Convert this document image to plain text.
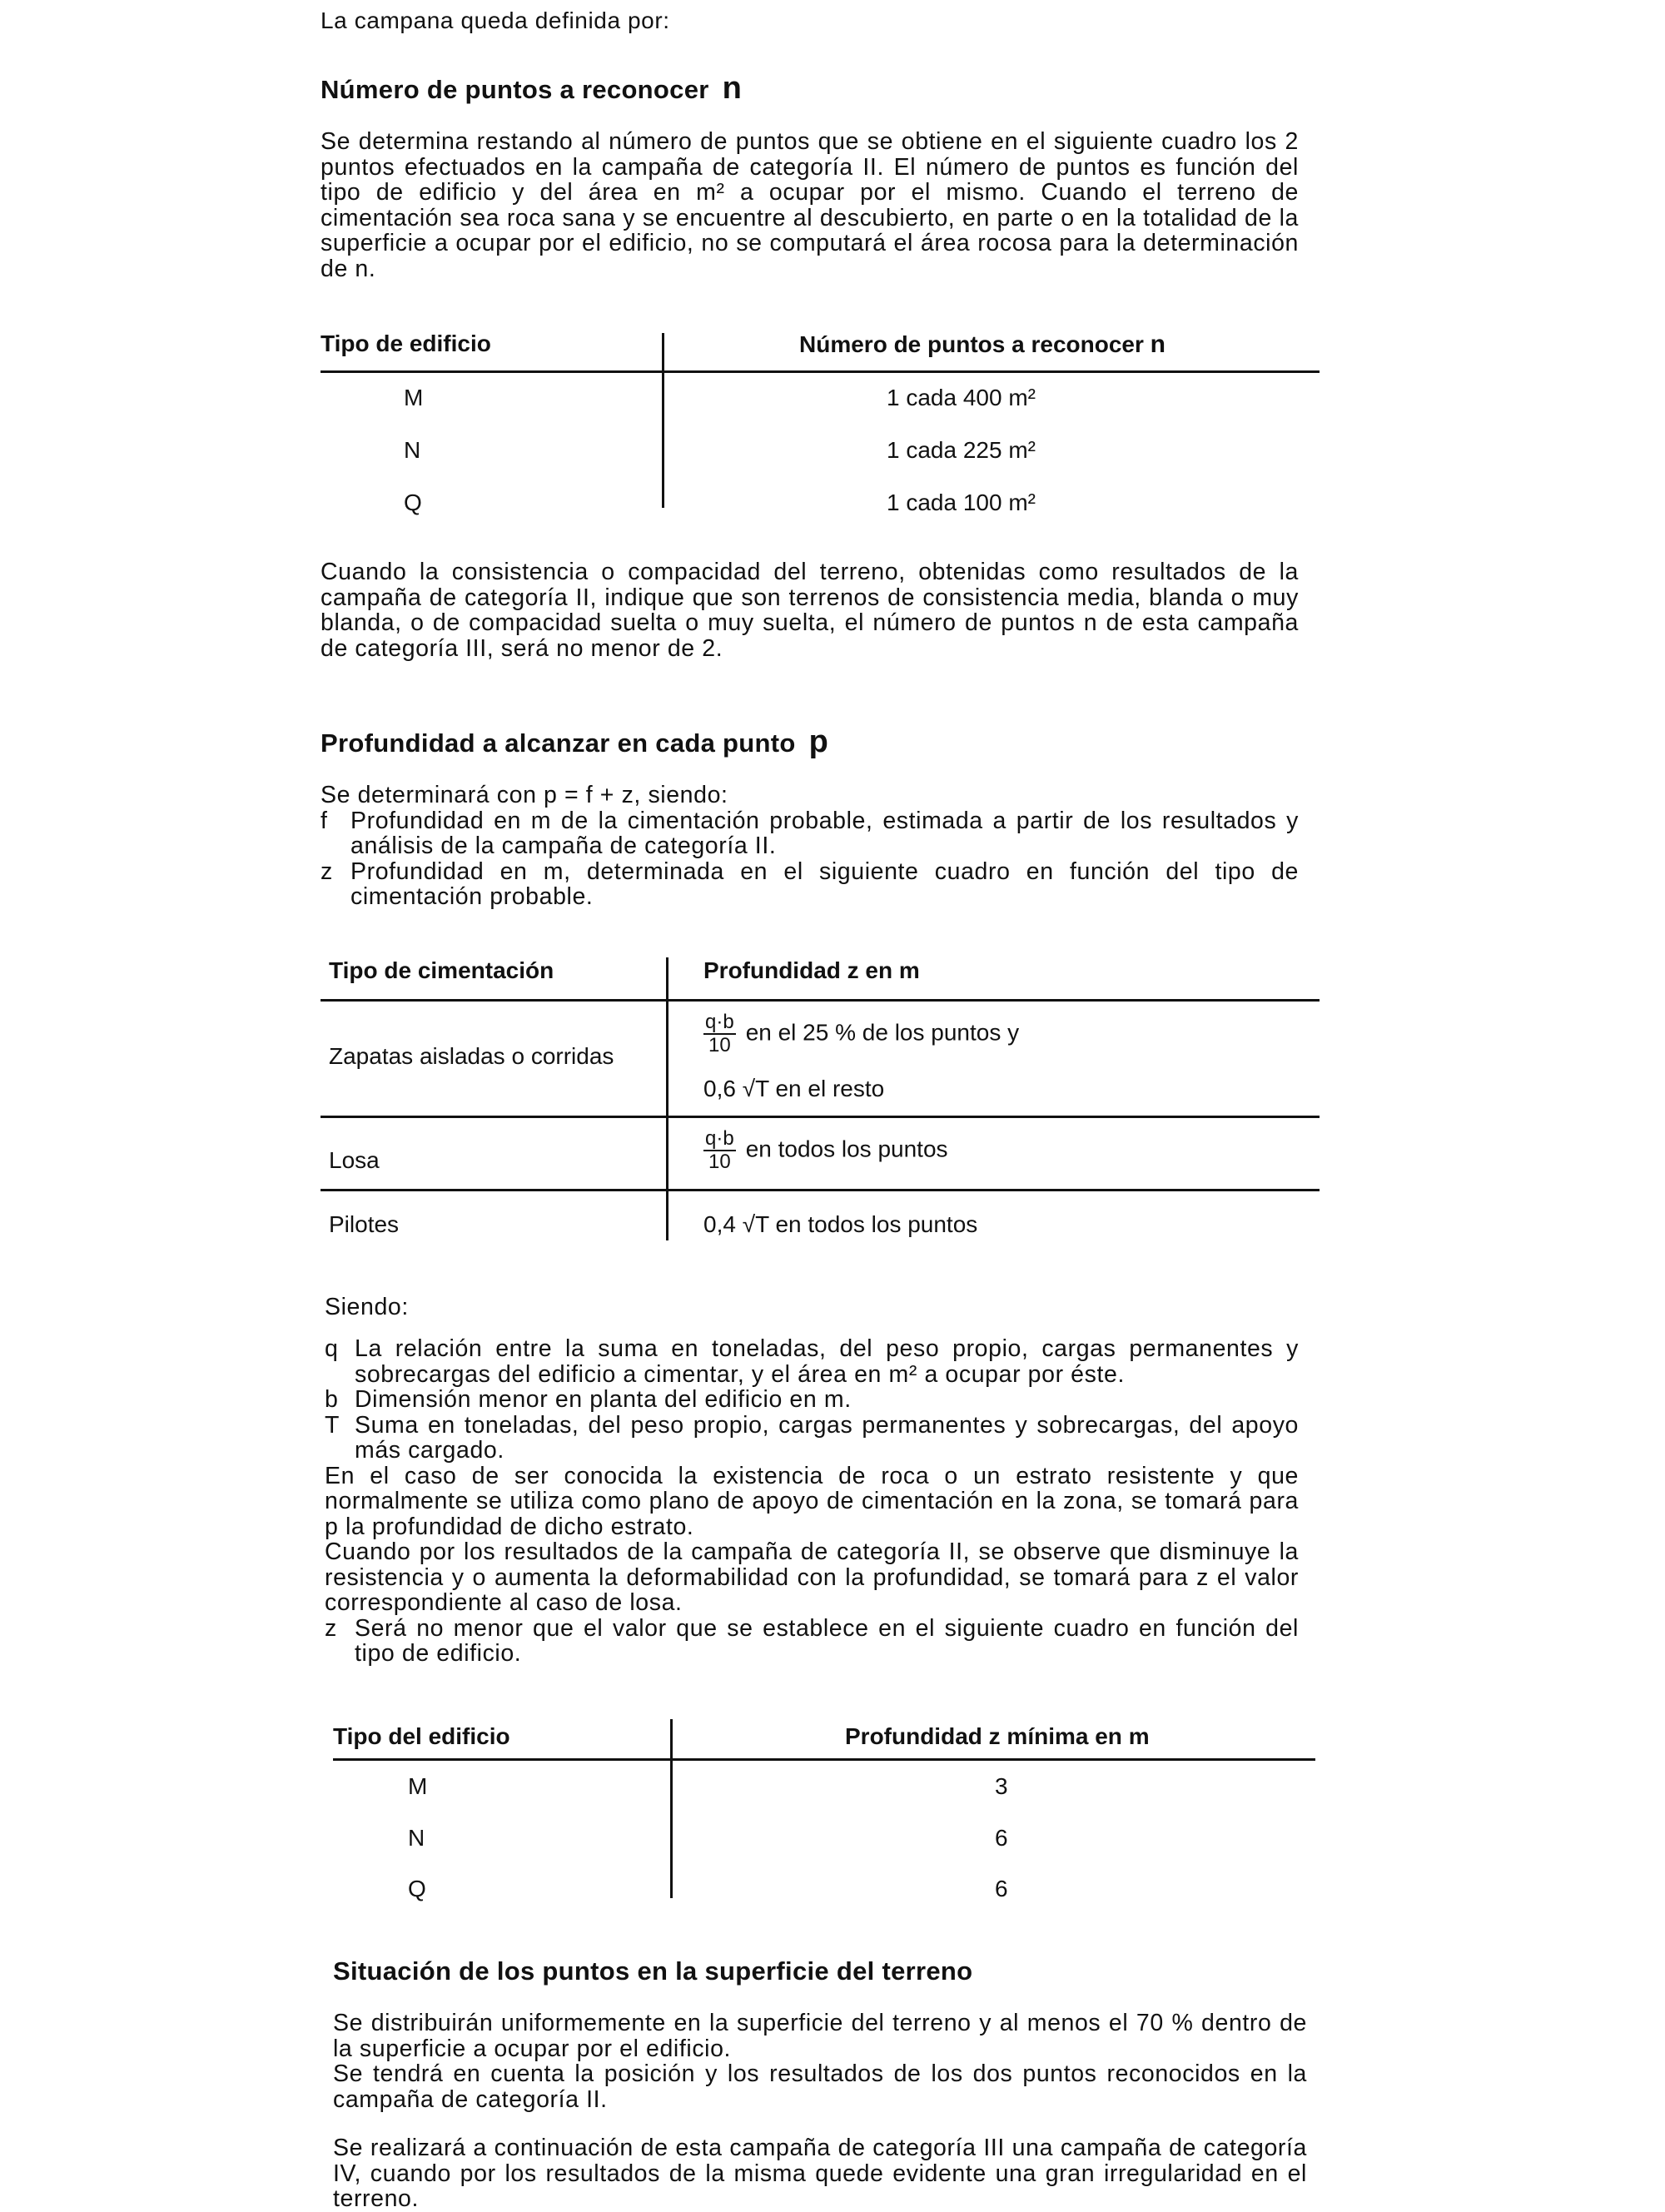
La campana queda definida por:

Número de puntos a reconocer n

Se determina restando al número de puntos que se obtiene en el siguiente cuadro los 2 puntos efectuados en la campaña de categoría II. El número de puntos es función del tipo de edificio y del área en m² a ocupar por el mismo. Cuando el terreno de cimentación sea roca sana y se encuentre al descubierto, en parte o en la totalidad de la superficie a ocupar por el edificio, no se computará el área rocosa para la determinación de n.

Tipo de edificio	Número de puntos a reconocer n
M	1 cada 400 m²
N	1 cada 225 m²
Q	1 cada 100 m²

Cuando la consistencia o compacidad del terreno, obtenidas como resultados de la campaña de categoría II, indique que son terrenos de consistencia media, blanda o muy blanda, o de compacidad suelta o muy suelta, el número de puntos n de esta campaña de categoría III, será no menor de 2.

Profundidad a alcanzar en cada punto p

Se determinará con p = f + z, siendo:

f Profundidad en m de la cimentación probable, estimada a partir de los resultados y análisis de la campaña de categoría II.
z Profundidad en m, determinada en el siguiente cuadro en función del tipo de cimentación probable.
Tipo de cimentación	Profundidad z en m
Zapatas aisladas o corridas	$\frac{q\cdot b}{10}$ en el 25 % de los puntos y
0,6 √T en el resto
Losa	$\frac{q\cdot b}{10}$ en todos los puntos
Pilotes	0,4 √T en todos los puntos

Siendo:

q La relación entre la suma en toneladas, del peso propio, cargas permanentes y sobrecargas del edificio a cimentar, y el área en m² a ocupar por éste.
b Dimensión menor en planta del edificio en m.
T Suma en toneladas, del peso propio, cargas permanentes y sobrecargas, del apoyo más cargado.

En el caso de ser conocida la existencia de roca o un estrato resistente y que normalmente se utiliza como plano de apoyo de cimentación en la zona, se tomará para p la profundidad de dicho estrato.

Cuando por los resultados de la campaña de categoría II, se observe que disminuye la resistencia y o aumenta la deformabilidad con la profundidad, se tomará para z el valor correspondiente al caso de losa.

z Será no menor que el valor que se establece en el siguiente cuadro en función del tipo de edificio.
Tipo del edificio	Profundidad z mínima en m
M	3
N	6
Q	6
Situación de los puntos en la superficie del terreno

Se distribuirán uniformemente en la superficie del terreno y al menos el 70 % dentro de la superficie a ocupar por el edificio.

Se tendrá en cuenta la posición y los resultados de los dos puntos reconocidos en la campaña de categoría II.

Se realizará a continuación de esta campaña de categoría III una campaña de categoría IV, cuando por los resultados de la misma quede evidente una gran irregularidad en el terreno.
